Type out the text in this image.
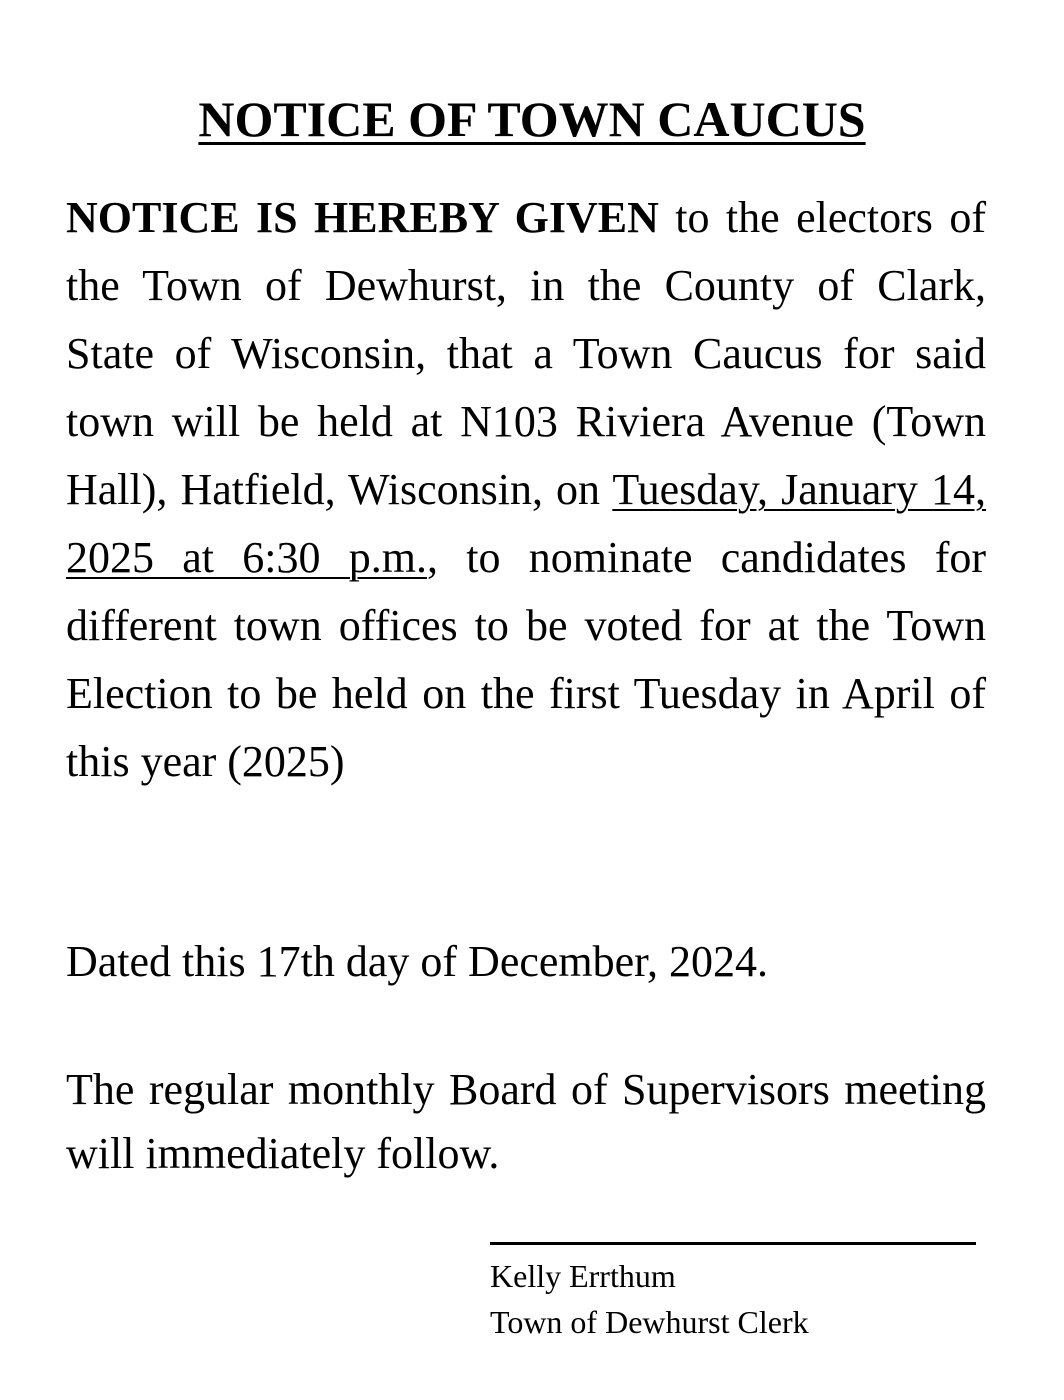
NOTICE OF TOWN CAUCUS

NOTICE IS HEREBY GIVEN to the electors of the Town of Dewhurst, in the County of Clark, State of Wisconsin, that a Town Caucus for said town will be held at N103 Riviera Avenue (Town Hall), Hatfield, Wisconsin, on Tuesday, January 14, 2025 at 6:30 p.m., to nominate candidates for different town offices to be voted for at the Town Election to be held on the first Tuesday in April of this year (2025)

Dated this 17th day of December, 2024.

The regular monthly Board of Supervisors meeting will immediately follow.

Kelly Errthum

Town of Dewhurst Clerk
